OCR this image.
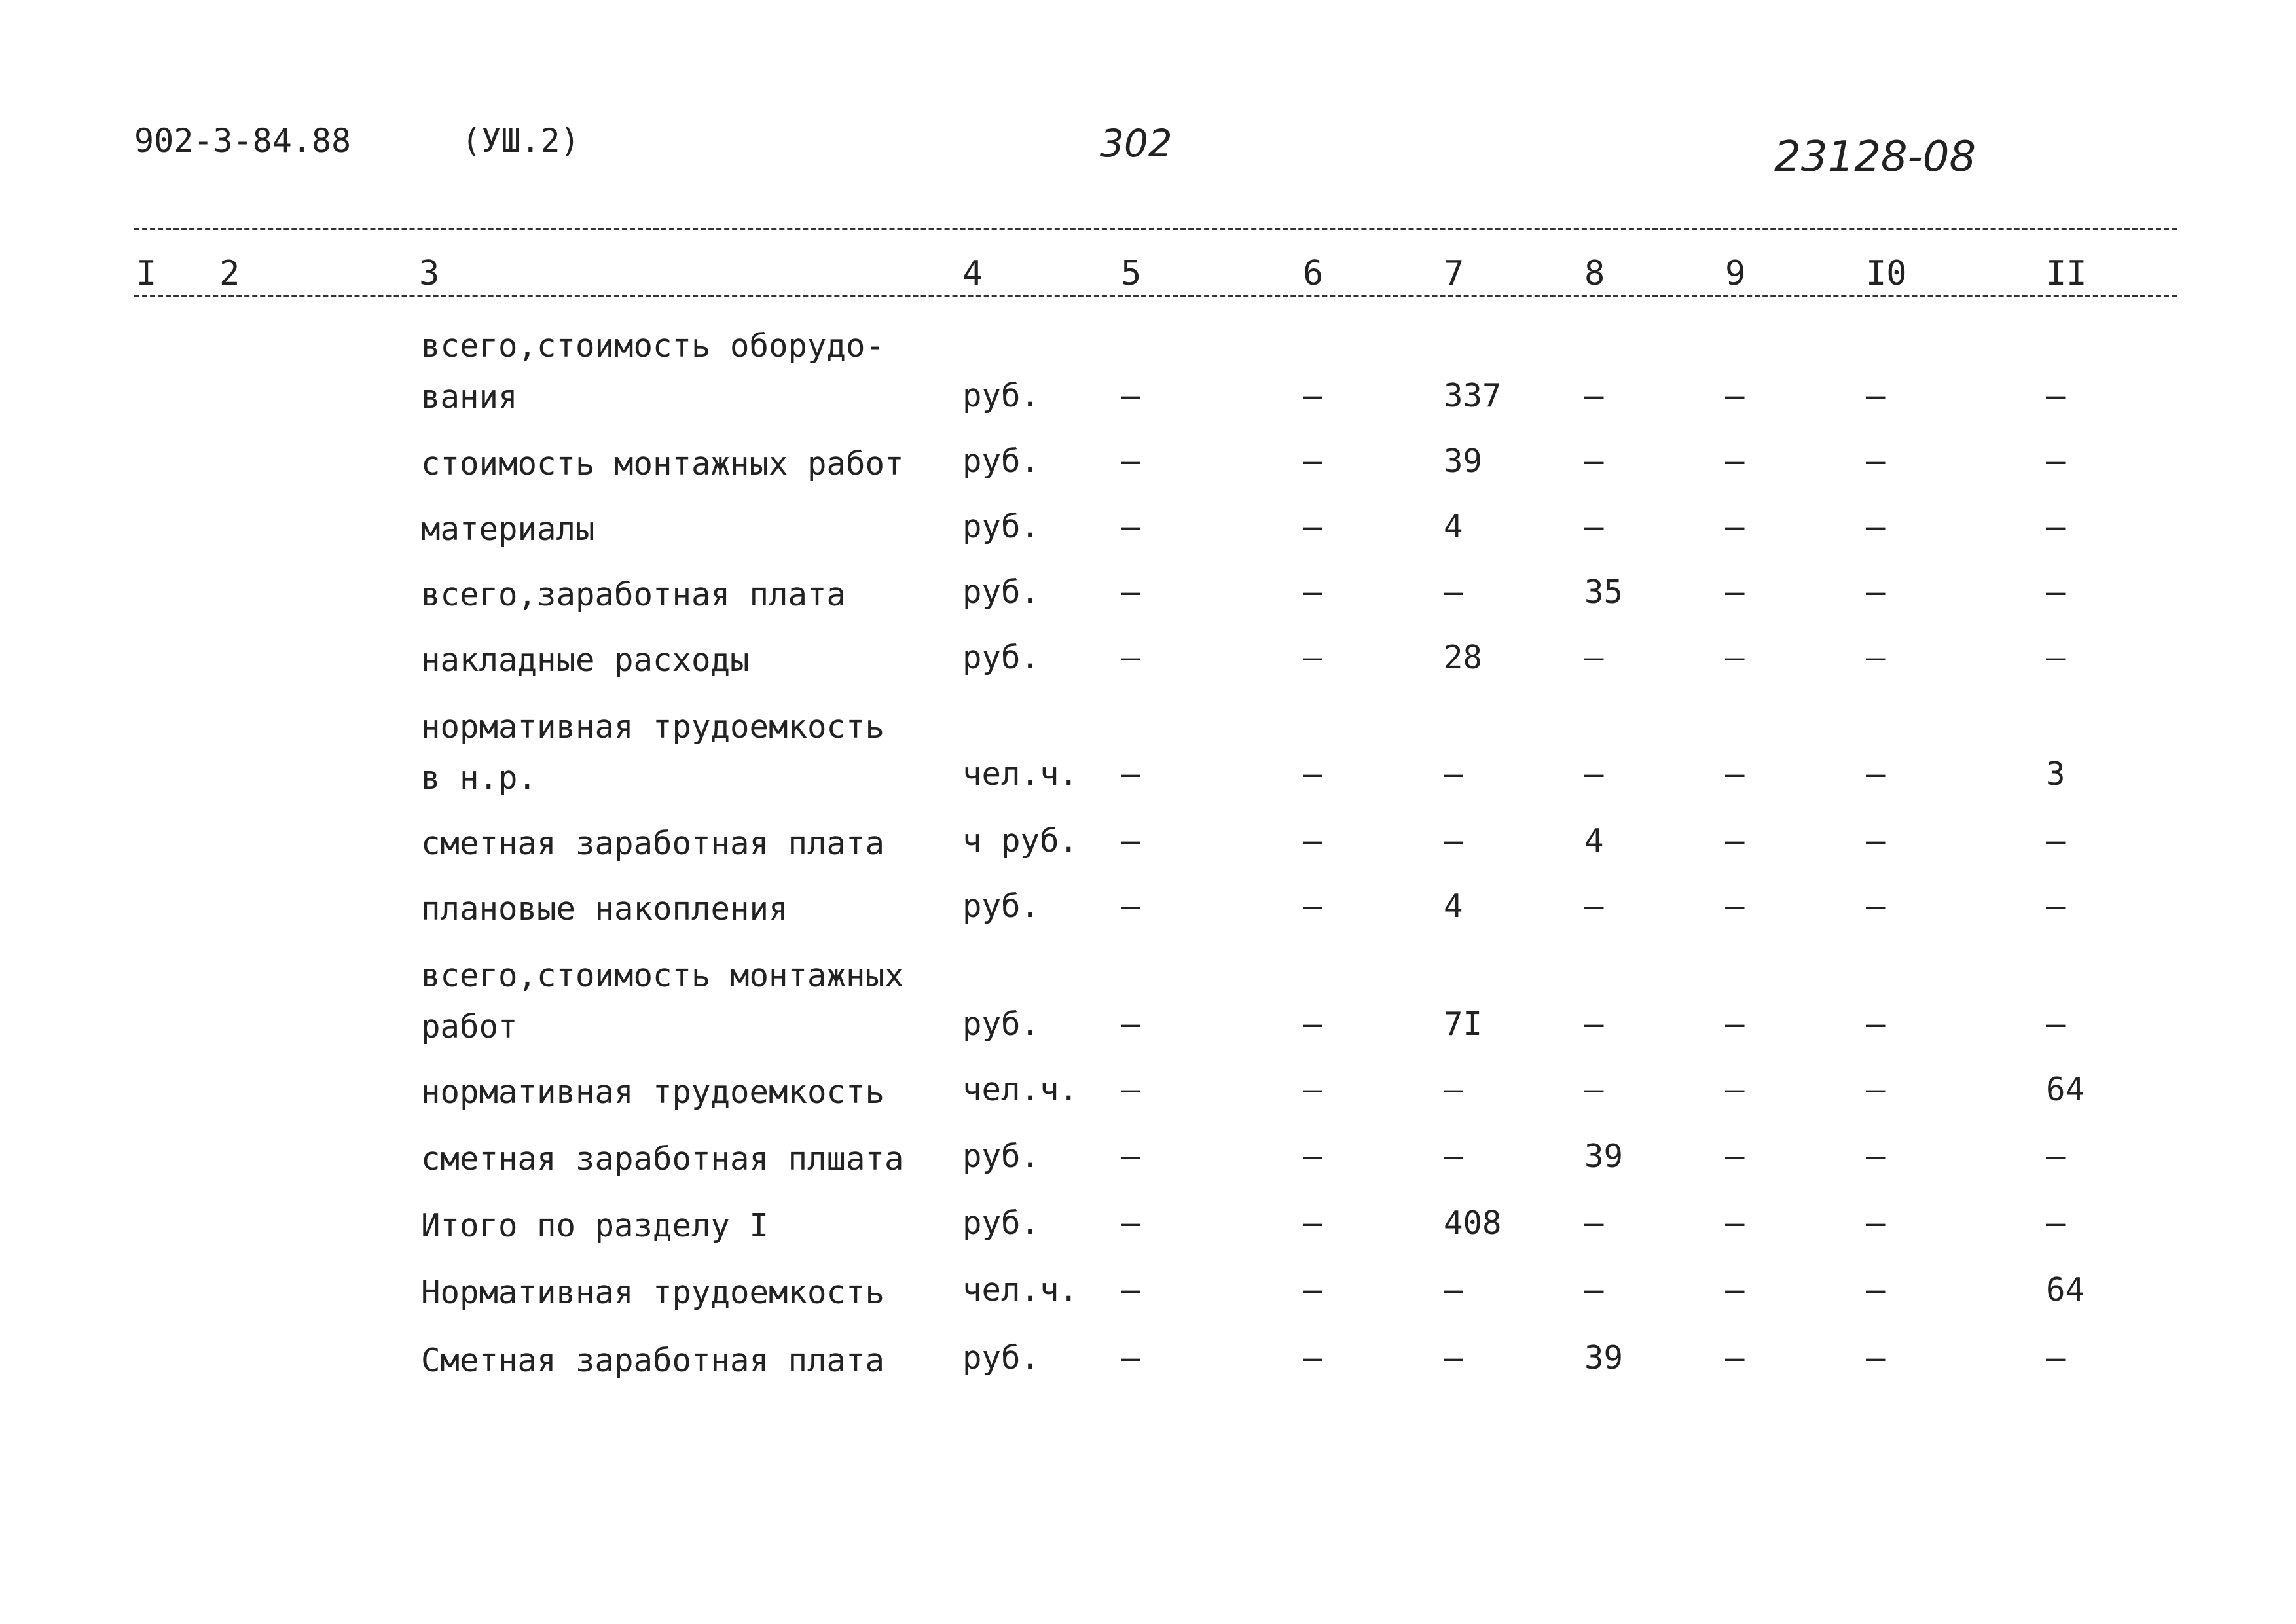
902-3-84.88	(УШ.2)	302	23128-08
I 2	3	4	5	6	7	8	9	I0	II
всего,стоимость оборудо-
вания	руб.	–	–	337	–	–	–	–
стоимость монтажных работ	руб.	–	–	39	–	–	–	–
материалы	руб.	–	–	4	–	–	–	–
всего,заработная плата	руб.	–	–	–	35	–	–	–
накладные расходы	руб.	–	–	28	–	–	–	–
нормативная трудоемкость
в н.р.	чел.ч. –	–	–	–	–	–	3
сметная заработная плата	ч руб. –	–	–	4	–	–	–
плановые накопления	руб.	–	–	4	–	–	–	–
всего,стоимость монтажных
работ	руб.	–	–	7I	–	–	–	–
нормативная трудоемкость	чел.ч. –	–	–	–	–	–	64
сметная заработная плшата	руб.	–	–	–	39	–	–	–
Итого по разделу I	руб.	–	–	408	–	–	–	–
Нормативная трудоемкость	чел.ч. –	–	–	–	–	–	64
Сметная заработная плата	руб.	–	–	–	39	–	–	–
